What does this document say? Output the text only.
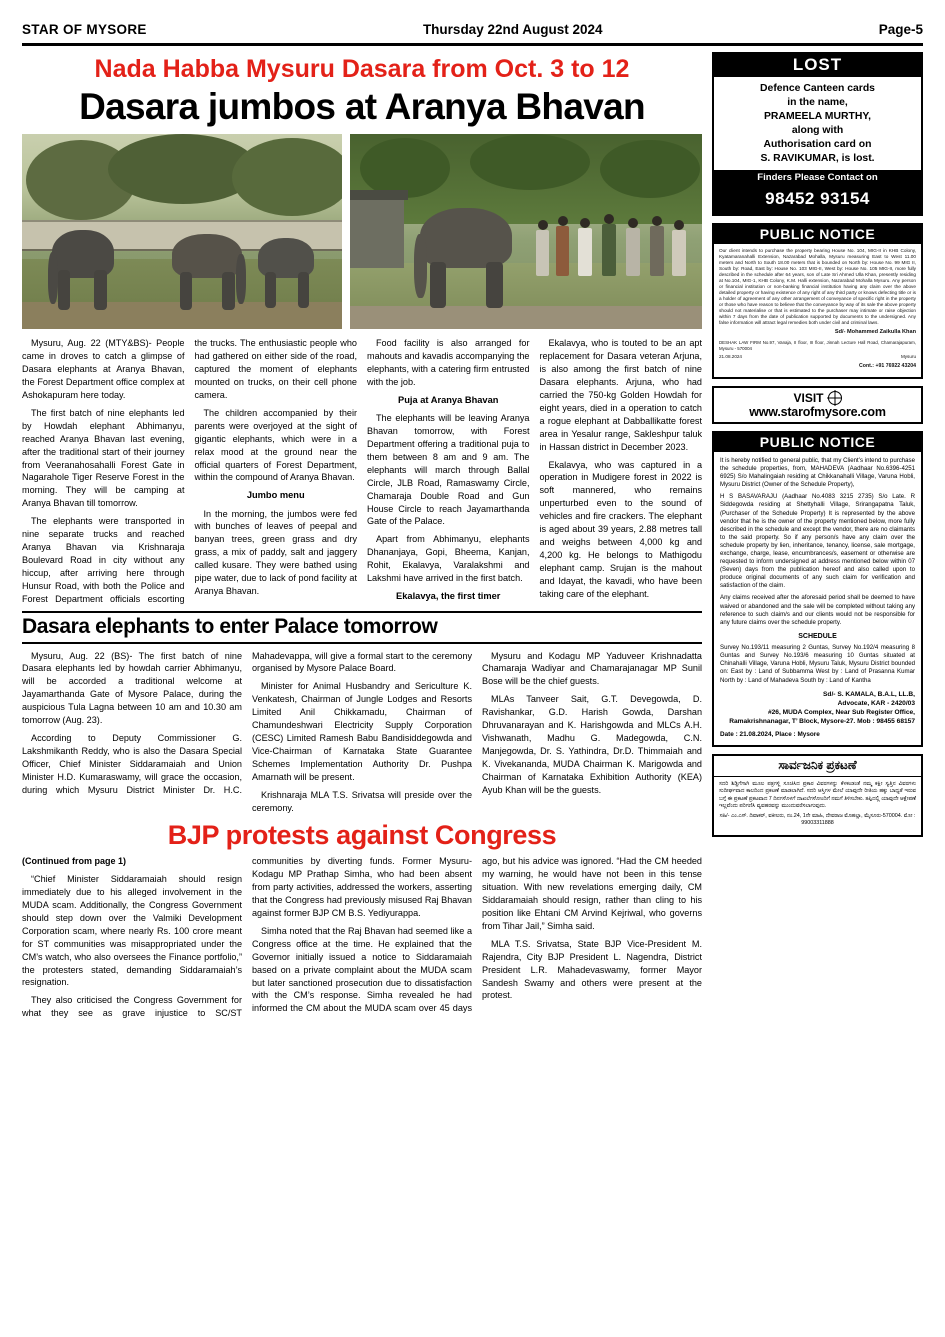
STAR OF MYSORE	Thursday 22nd August 2024	Page-5
Nada Habba Mysuru Dasara from Oct. 3 to 12
Dasara jumbos at Aranya Bhavan

Mysuru, Aug. 22 (MTY&BS)- People came in droves to catch a glimpse of Dasara elephants at Aranya Bhavan, the Forest Department office complex at Ashokapuram here today.

The first batch of nine elephants led by Howdah elephant Abhimanyu, reached Aranya Bhavan last evening, after the traditional start of their journey from Veeranahosahalli Forest Gate in Nagarahole Tiger Reserve Forest in the morning. They will be camping at Aranya Bhavan till tomorrow.

The elephants were transported in nine separate trucks and reached Aranya Bhavan via Krishnaraja Boulevard Road in city without any hiccup, after arriving here through Hunsur Road, with both the Police and Forest Department officials escorting the trucks. The enthusiastic people who had gathered on either side of the road, captured the moment of elephants mounted on trucks, on their cell phone camera.

The children accompanied by their parents were overjoyed at the sight of gigantic elephants, which were in a relax mood at the ground near the official quarters of Forest Department, within the compound of Aranya Bhavan.

Jumbo menu

In the morning, the jumbos were fed with bunches of leaves of peepal and banyan trees, green grass and dry grass, a mix of paddy, salt and jaggery called kusare. They were bathed using pipe water, due to lack of pond facility at Aranya Bhavan.

Food facility is also arranged for mahouts and kavadis accompanying the elephants, with a catering firm entrusted with the job.

Puja at Aranya Bhavan

The elephants will be leaving Aranya Bhavan tomorrow, with Forest Department offering a traditional puja to them between 8 am and 9 am. The elephants will march through Ballal Circle, JLB Road, Ramaswamy Circle, Chamaraja Double Road and Gun House Circle to reach Jayamarthanda Gate of the Palace.

Apart from Abhimanyu, elephants Dhananjaya, Gopi, Bheema, Kanjan, Rohit, Ekalavya, Varalakshmi and Lakshmi have arrived in the first batch.

Ekalavya, the first timer

Ekalavya, who is touted to be an apt replacement for Dasara veteran Arjuna, is also among the first batch of nine Dasara elephants. Arjuna, who had carried the 750-kg Golden Howdah for eight years, died in a operation to catch a rogue elephant at Dabballikatte forest area in Yesalur range, Sakleshpur taluk in Hassan district in December 2023.

Ekalavya, who was captured in a operation in Mudigere forest in 2022 is soft mannered, who remains unperturbed even to the sound of vehicles and fire crackers. The elephant is aged about 39 years, 2.88 metres tall and weighs between 4,000 kg and 4,200 kg. He belongs to Mathigodu elephant camp. Srujan is the mahout and Idayat, the kavadi, who have been taking care of the elephant.

Dasara elephants to enter Palace tomorrow

Mysuru, Aug. 22 (BS)- The first batch of nine Dasara elephants led by howdah carrier Abhimanyu, will be accorded a traditional welcome at Jayamarthanda Gate of Mysore Palace, during the auspicious Tula Lagna between 10 am and 10.30 am tomorrow (Aug. 23).

According to Deputy Commissioner G. Lakshmikanth Reddy, who is also the Dasara Special Officer, Chief Minister Siddaramaiah and Union Minister H.D. Kumaraswamy, will grace the occasion, during which Mysuru District Minister Dr. H.C. Mahadevappa, will give a formal start to the ceremony organised by Mysore Palace Board.

Minister for Animal Husbandry and Sericulture K. Venkatesh, Chairman of Jungle Lodges and Resorts Limited Anil Chikkamadu, Chairman of Chamundeshwari Electricity Supply Corporation (CESC) Limited Ramesh Babu Bandisiddegowda and Vice-Chairman of Karnataka State Guarantee Schemes Implementation Authority Dr. Pushpa Amarnath will be present.

Krishnaraja MLA T.S. Srivatsa will preside over the ceremony.

Mysuru and Kodagu MP Yaduveer Krishnadatta Chamaraja Wadiyar and Chamarajanagar MP Sunil Bose will be the chief guests.

MLAs Tanveer Sait, G.T. Devegowda, D. Ravishankar, G.D. Harish Gowda, Darshan Dhruvanarayan and K. Harishgowda and MLCs A.H. Vishwanath, Madhu G. Madegowda, C.N. Manjegowda, Dr. S. Yathindra, Dr.D. Thimmaiah and K. Vivekananda, MUDA Chairman K. Marigowda and Chairman of Karnataka Exhibition Authority (KEA) Ayub Khan will be the guests.

BJP protests against Congress

(Continued from page 1)

“Chief Minister Siddaramaiah should resign immediately due to his alleged involvement in the MUDA scam. Additionally, the Congress Government should step down over the Valmiki Development Corporation scam, where nearly Rs. 100 crore meant for ST communities was misappropriated under the CM’s watch, who also oversees the Finance portfolio,” the protesters stated, demanding Siddaramaiah’s resignation.

They also criticised the Congress Government for what they see as grave injustice to SC/ST communities by diverting funds. Former Mysuru-Kodagu MP Prathap Simha, who had been absent from party activities, addressed the workers, asserting that the Congress had previously misused Raj Bhavan against former BJP CM B.S. Yediyurappa.

Simha noted that the Raj Bhavan had seemed like a Congress office at the time. He explained that the Governor initially issued a notice to Siddaramaiah based on a private complaint about the MUDA scam but later sanctioned prosecution due to dissatisfaction with the CM’s response. Simha revealed he had informed the CM about the MUDA scam over 45 days ago, but his advice was ignored. “Had the CM heeded my warning, he would have not been in this tense situation. With new revelations emerging daily, CM Siddaramaiah should resign, rather than cling to his position like Ehtani CM Arvind Kejriwal, who governs from Tihar Jail,” Simha said.

MLA T.S. Srivatsa, State BJP Vice-President M. Rajendra, City BJP President L. Nagendra, District President L.R. Mahadevaswamy, former Mayor Sandesh Swamy and others were present at the protest.

LOST
Defence Canteen cards
in the name,
PRAMEELA MURTHY,
along with
Authorisation card on
S. RAVIKUMAR, is lost.
Finders Please Contact on
98452 93154
PUBLIC NOTICE

Our client intends to purchase the property bearing House No. 104, MIG-II in KHB Colony, Kyatamaranahalli Extension, Nazarabad Mohalla, Mysuru measuring East to West 11.00 meters and North to South 18.00 meters that is bounded on North by: House No. 99 MIG II, South by: Road, East by: House No. 103 MIG-II, West by: House No. 105 MIG-II, more fully described in the schedule after 64 years, son of Late Sri Ahmed Ulla Khan, presently residing at No.104, MIG-1, KHB Colony, K.M. Halli extension, Nazarabad Mohalla Mysuru. Any person or financial institution or non-banking financial institution having any claim over the above detailed property or having existence of any right of any third party or knows defecting title or is a holder of agreement of any other arrangement of conveyance of specific right in the property or those who have reason to believe that the conveyance by way of its sale the above property should not materialise or that is estimated to the purchaser may intimate or raise objection within 7 days from the date of publication supported by documents to the undersigned. Any false information will attract legal remedies both under civil and criminal laws.

Sd/- Mohammed Zaikulla Khan

DESHAK LAW FIRM No.97, Vanaja, II floor, III floor, Jinnah Lecture Hall Road, Chamarajapuram, Mysuru - 570004

21.08.2024	Mysuru

Cont.: +91 76922 43204

VISIT
www.starofmysore.com
PUBLIC NOTICE

It is hereby notified to general public, that my Client’s intend to purchase the schedule properties, from, MAHADEVA (Aadhaar No.6396-4251 6925) S/o Mahalingaiah residing at Chikkanahalli Village, Varuna Hobli, Mysuru District (Owner of the Schedule Property),

H S BASAVARAJU (Aadhaar No.4083 3215 2735) S/o Late. R Siddegowda residing at Shettyhalli Village, Srirangapatna Taluk, (Purchaser of the Schedule Property) It is represented by the above vendor that he is the owner of the property mentioned below, more fully described in the schedule and except the vendor, there are no claimants to the said property. So if any person/s have any claim over the schedule property by lien, inheritance, tenancy, license, sale mortgage, exchange, charge, lease, encumbrances/s, easement or otherwise are requested to inform undersigned at address mentioned below within 07 (Seven) days from the publication hereof and also called upon to produce original documents of any such claim for verification and satisfaction of the claim.

Any claims received after the aforesaid period shall be deemed to have waived or abandoned and the sale will be completed without taking any reference to such claim/s and our clients would not be responsible for any future claims over the schedule property.

SCHEDULE

Survey No.193/11 measuring 2 Guntas, Survey No.192/4 measuring 8 Guntas and Survey No.193/6 measuring 10 Guntas situated at Chinahalli Village, Varuna Hobli, Mysuru Taluk, Mysuru District bounded on: East by : Land of Subbamma West by : Land of Prasanna Kumar North by : Land of Mahadeva South by : Land of Kantha

Sd/- S. KAMALA, B.A.L, LL.B,
Advocate, KAR - 2420/03
#26, MUDA Complex, Near Sub Register Office, Ramakrishnanagar, T’ Block, Mysore-27. Mob : 98455 68157
Date : 21.08.2024, Place : Mysore
ಸಾರ್ವಜನಿಕ ಪ್ರಕಟಣೆ

ಸದರಿ ಶಿಡ್ಲಿಗೆಗಾಗಿ ಮೂಲ ಪತ್ರಗಳ್ಲಿ ಸೂಚಿಸಿದ ಪ್ರಕಾರ ವಿವರಗಳನ್ನು ಕೆಳಕಂಡಂತೆ ನಮ್ಮ ಕಕ್ಷೀ ಸ್ವತ್ತಿನ ವಿವರಗಳು ಸುದೀರ್ಘವಾದ ಕಾಲದಿಂದ ಪ್ರಕಟಣೆ ಮಾಡಲಾಗಿದೆ. ಸದರಿ ಆಸ್ತಿಗಳ ಮೇಲೆ ಯಾವುದೇ ರೀತಿಯ ಹಕ್ಕು ಬಾಧ್ಯತೆ ಇರುವ ಬಗ್ಗೆ ಈ ಪ್ರಕಟಣೆ ಪ್ರಕಟವಾದ 7 ದಿನಗಳೊಳಗೆ ದಾಖಲೆಗಳೋಂದಿಗೆ ನಮಗೆ ತಿಳಿಸಬೇಕು. ತಪ್ಪಿದಲ್ಲಿ ಯಾವುದೇ ಆಕ್ಷೇಪಣೆ ಇಲ್ಲವೆಂದು ಪರಿಗಣಿಸಿ ವ್ಯವಹರವನ್ನು ಮುಂದುವರೆಸಲಾಗುವುದು.

ಸಹಿ/- ಎಂ.ಎಸ್. ದಿವಾಕರ್, ವಕೀಲರು, ನಂ.24, 1ನೇ ಮಾಹಿ, ದೇವರಾಜ ಮೊಹಲ್ಲಾ, ಮೈಸೂರು-570004. ಮೋ : 99003311888
